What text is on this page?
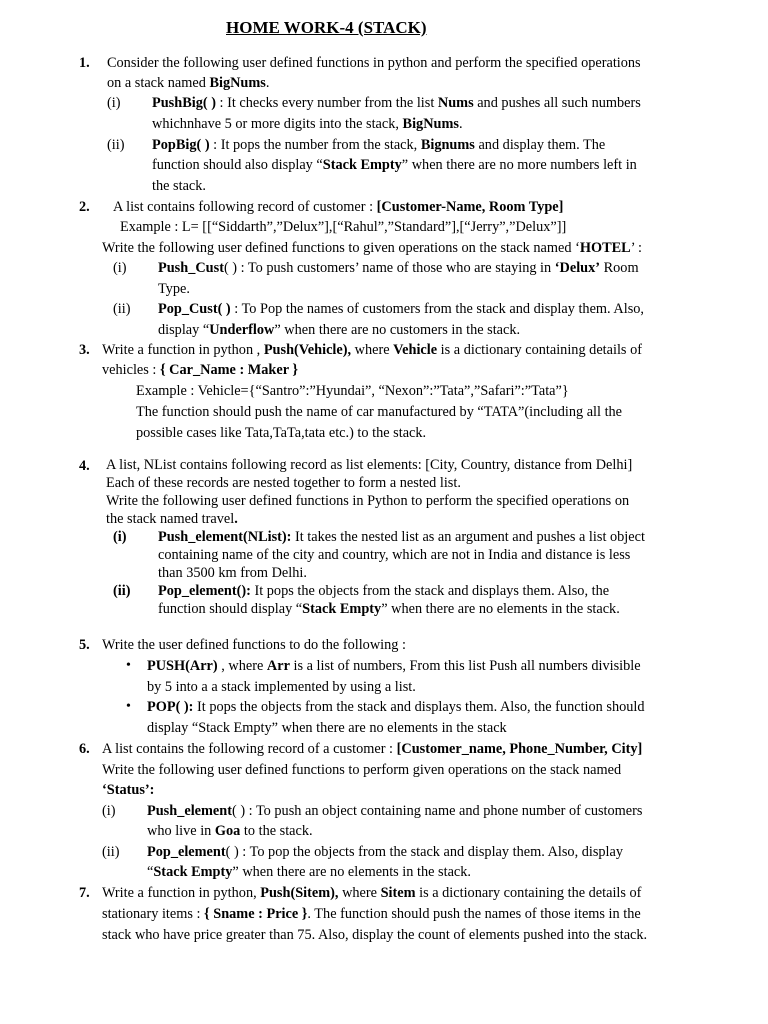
HOME WORK-4 (STACK)
1. Consider the following user defined functions in python and perform the specified operations
on a stack named BigNums.
(i) PushBig( ) : It checks every number from the list Nums and pushes all such numbers
whichnhave 5 or more digits into the stack, BigNums.
(ii) PopBig( ) : It pops the number from the stack, Bignums and display them. The
function should also display “Stack Empty” when there are no more numbers left in
the stack.
2. A list contains following record of customer : [Customer-Name, Room Type]
Example : L= [[“Siddarth”,”Delux”],[“Rahul”,”Standard”],[“Jerry”,”Delux”]]
Write the following user defined functions to given operations on the stack named ‘HOTEL’ :
(i) Push_Cust( ) : To push customers’ name of those who are staying in ‘Delux’ Room
Type.
(ii) Pop_Cust( ) : To Pop the names of customers from the stack and display them. Also,
display “Underflow” when there are no customers in the stack.
3. Write a function in python , Push(Vehicle), where Vehicle is a dictionary containing details of
vehicles : { Car_Name : Maker }
Example : Vehicle={“Santro”:”Hyundai”, “Nexon”:”Tata”,”Safari”:”Tata”}
The function should push the name of car manufactured by “TATA”(including all the
possible cases like Tata,TaTa,tata etc.) to the stack.
4. A list, NList contains following record as list elements: [City, Country, distance from Delhi]
Each of these records are nested together to form a nested list.
Write the following user defined functions in Python to perform the specified operations on
the stack named travel.
(i) Push_element(NList): It takes the nested list as an argument and pushes a list object
containing name of the city and country, which are not in India and distance is less
than 3500 km from Delhi.
(ii) Pop_element(): It pops the objects from the stack and displays them. Also, the
function should display “Stack Empty” when there are no elements in the stack.
5. Write the user defined functions to do the following :
• PUSH(Arr) , where Arr is a list of numbers, From this list Push all numbers divisible
by 5 into a a stack implemented by using a list.
• POP( ): It pops the objects from the stack and displays them. Also, the function should
display “Stack Empty” when there are no elements in the stack
6. A list contains the following record of a customer : [Customer_name, Phone_Number, City]
Write the following user defined functions to perform given operations on the stack named
‘Status’:
(i) Push_element( ) : To push an object containing name and phone number of customers
who live in Goa to the stack.
(ii) Pop_element( ) : To pop the objects from the stack and display them. Also, display
“Stack Empty” when there are no elements in the stack.
7. Write a function in python, Push(Sitem), where Sitem is a dictionary containing the details of
stationary items : { Sname : Price }. The function should push the names of those items in the
stack who have price greater than 75. Also, display the count of elements pushed into the stack.
